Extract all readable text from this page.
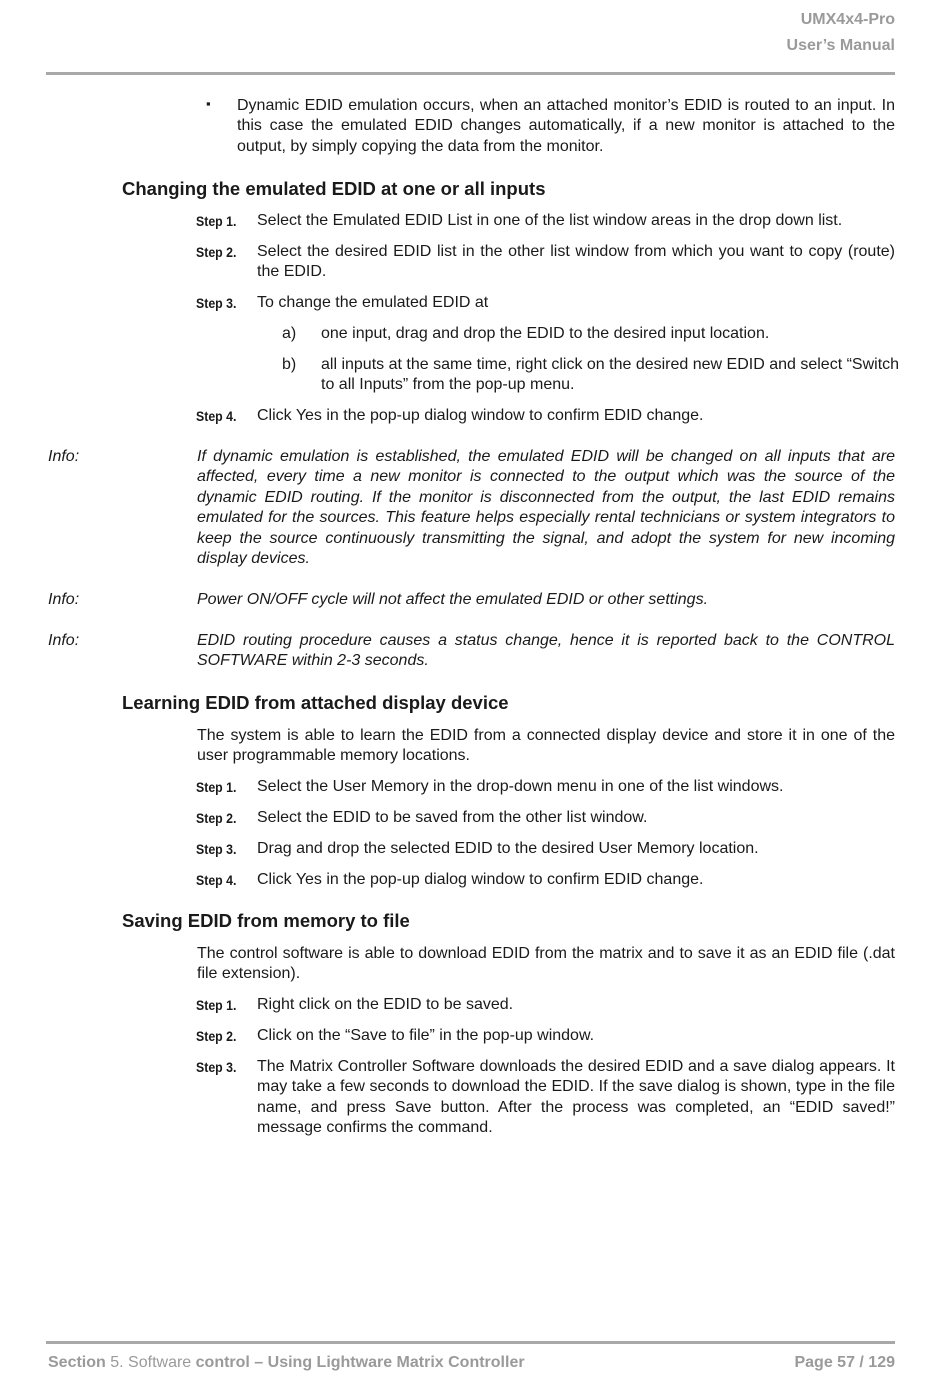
UMX4x4-Pro
User’s Manual
▪ Dynamic EDID emulation occurs, when an attached monitor’s EDID is routed to an input. In this case the emulated EDID changes automatically, if a new monitor is attached to the output, by simply copying the data from the monitor.

Changing the emulated EDID at one or all inputs
Step 1. Select the Emulated EDID List in one of the list window areas in the drop down list.

Step 2. Select the desired EDID list in the other list window from which you want to copy (route) the EDID.

Step 3. To change the emulated EDID at

a) one input, drag and drop the EDID to the desired input location.

b) all inputs at the same time, right click on the desired new EDID and select “Switch to all Inputs” from the pop-up menu.

Step 4. Click Yes in the pop-up dialog window to confirm EDID change.

Info:	If dynamic emulation is established, the emulated EDID will be changed on all inputs that are affected, every time a new monitor is connected to the output which was the source of the dynamic EDID routing. If the monitor is disconnected from the output, the last EDID remains emulated for the sources. This feature helps especially rental technicians or system integrators to keep the source continuously transmitting the signal, and adopt the system for new incoming display devices.

Info:	Power ON/OFF cycle will not affect the emulated EDID or other settings.

Info:	EDID routing procedure causes a status change, hence it is reported back to the CONTROL SOFTWARE within 2-3 seconds.

Learning EDID from attached display device

The system is able to learn the EDID from a connected display device and store it in one of the user programmable memory locations.

Step 1. Select the User Memory in the drop-down menu in one of the list windows.

Step 2. Select the EDID to be saved from the other list window.

Step 3. Drag and drop the selected EDID to the desired User Memory location.

Step 4. Click Yes in the pop-up dialog window to confirm EDID change.

Saving EDID from memory to file

The control software is able to download EDID from the matrix and to save it as an EDID file (.dat file extension).

Step 1. Right click on the EDID to be saved.

Step 2. Click on the “Save to file” in the pop-up window.

Step 3. The Matrix Controller Software downloads the desired EDID and a save dialog appears. It may take a few seconds to download the EDID. If the save dialog is shown, type in the file name, and press Save button. After the process was completed, an “EDID saved!” message confirms the command.

Section 5. Software control – Using Lightware Matrix Controller	Page 57 / 129
